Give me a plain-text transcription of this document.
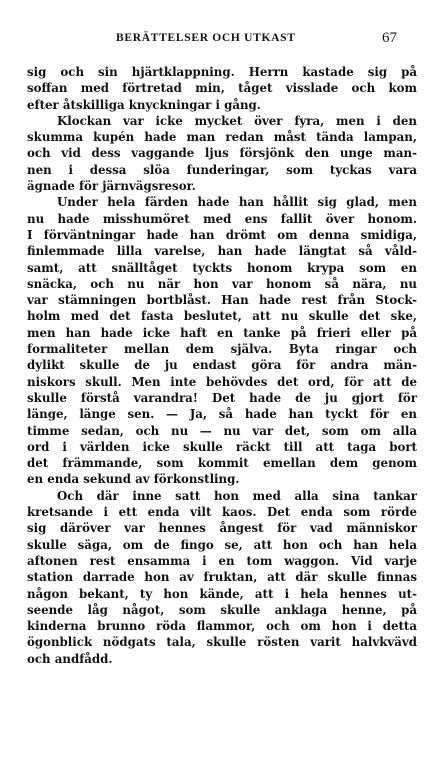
BERÄTTELSER OCH UTKAST	67
sig och sin hjärtklappning. Herrn kastade sig på
soffan med förtretad min, tåget visslade och kom
efter åtskilliga knyckningar i gång.
Klockan var icke mycket över fyra, men i den
skumma kupén hade man redan måst tända lampan,
och vid dess vaggande ljus försjönk den unge man-
nen i dessa slöa funderingar, som tyckas vara
ägnade för järnvägsresor.
Under hela färden hade han hållit sig glad, men
nu hade misshumöret med ens fallit över honom.
I förväntningar hade han drömt om denna smidiga,
finlemmade lilla varelse, han hade längtat så våld-
samt, att snälltåget tyckts honom krypa som en
snäcka, och nu när hon var honom så nära, nu
var stämningen bortblåst. Han hade rest från Stock-
holm med det fasta beslutet, att nu skulle det ske,
men han hade icke haft en tanke på frieri eller på
formaliteter mellan dem själva. Byta ringar och
dylikt skulle de ju endast göra för andra män-
niskors skull. Men inte behövdes det ord, för att de
skulle förstå varandra! Det hade de ju gjort för
länge, länge sen. — Ja, så hade han tyckt för en
timme sedan, och nu — nu var det, som om alla
ord i världen icke skulle räckt till att taga bort
det främmande, som kommit emellan dem genom
en enda sekund av förkonstling.
Och där inne satt hon med alla sina tankar
kretsande i ett enda vilt kaos. Det enda som rörde
sig däröver var hennes ångest för vad människor
skulle säga, om de fingo se, att hon och han hela
aftonen rest ensamma i en tom waggon. Vid varje
station darrade hon av fruktan, att där skulle finnas
någon bekant, ty hon kände, att i hela hennes ut-
seende låg något, som skulle anklaga henne, på
kinderna brunno röda flammor, och om hon i detta
ögonblick nödgats tala, skulle rösten varit halvkvävd
och andfådd.
